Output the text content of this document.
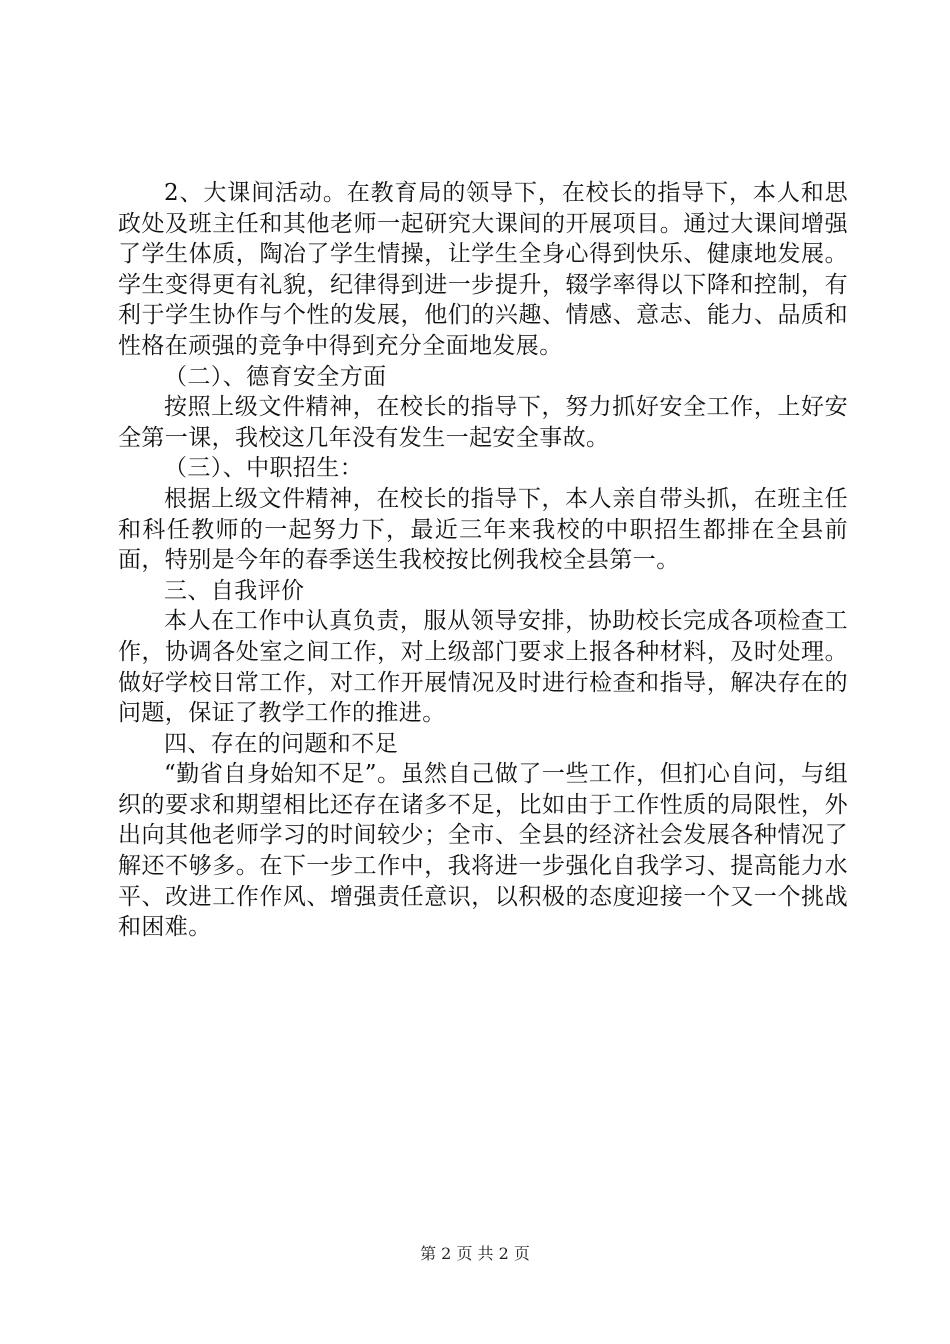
2、大课间活动。在教育局的领导下，在校长的指导下，本人和思政处及班主任和其他老师一起研究大课间的开展项目。通过大课间增强了学生体质，陶冶了学生情操，让学生全身心得到快乐、健康地发展。学生变得更有礼貌，纪律得到进一步提升，辍学率得以下降和控制，有利于学生协作与个性的发展，他们的兴趣、情感、意志、能力、品质和性格在顽强的竞争中得到充分全面地发展。

（二）、德育安全方面

按照上级文件精神，在校长的指导下，努力抓好安全工作，上好安全第一课，我校这几年没有发生一起安全事故。

（三）、中职招生：

根据上级文件精神，在校长的指导下，本人亲自带头抓，在班主任和科任教师的一起努力下，最近三年来我校的中职招生都排在全县前面，特别是今年的春季送生我校按比例我校全县第一。

三、自我评价

本人在工作中认真负责，服从领导安排，协助校长完成各项检查工作，协调各处室之间工作，对上级部门要求上报各种材料，及时处理。做好学校日常工作，对工作开展情况及时进行检查和指导，解决存在的问题，保证了教学工作的推进。

四、存在的问题和不足

“勤省自身始知不足”。虽然自己做了一些工作，但扪心自问，与组织的要求和期望相比还存在诸多不足，比如由于工作性质的局限性，外出向其他老师学习的时间较少；全市、全县的经济社会发展各种情况了解还不够多。在下一步工作中，我将进一步强化自我学习、提高能力水平、改进工作作风、增强责任意识，以积极的态度迎接一个又一个挑战和困难。

第 2 页 共 2 页
